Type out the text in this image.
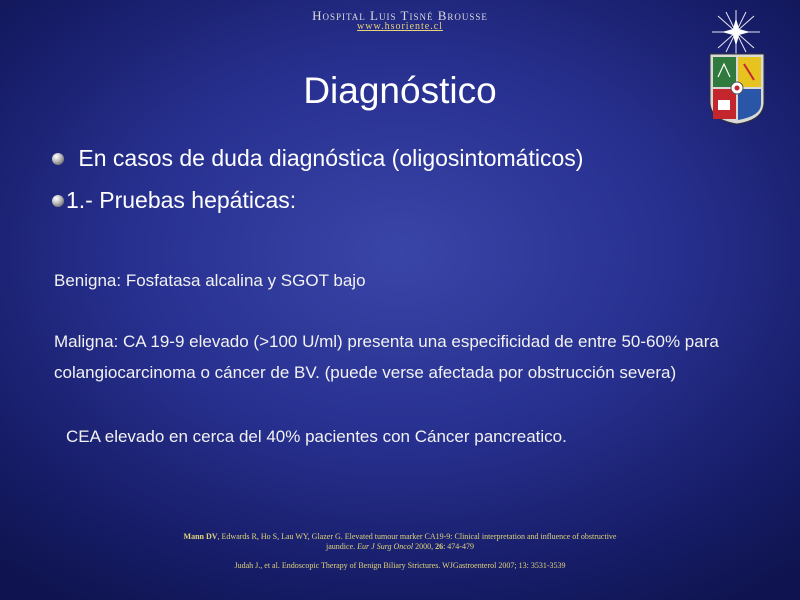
Hospital Luis Tisné Brousse
www.hsoriente.cl
Diagnóstico
En casos de duda diagnóstica (oligosintomáticos)
1.- Pruebas hepáticas:
Benigna: Fosfatasa alcalina y SGOT bajo
Maligna: CA 19-9 elevado (>100 U/ml) presenta una especificidad de entre 50-60% para colangiocarcinoma o cáncer de BV. (puede verse afectada por obstrucción severa)
CEA elevado en cerca del 40% pacientes con Cáncer pancreatico.
Mann DV, Edwards R, Ho S, Lau WY, Glazer G. Elevated tumour marker CA19-9: Clinical interpretation and influence of obstructive
jaundice. Eur J Surg Oncol 2000, 26: 474-479
Judah J., et al. Endoscopic Therapy of Benign Biliary Strictures. WJGastroenterol 2007; 13: 3531-3539
